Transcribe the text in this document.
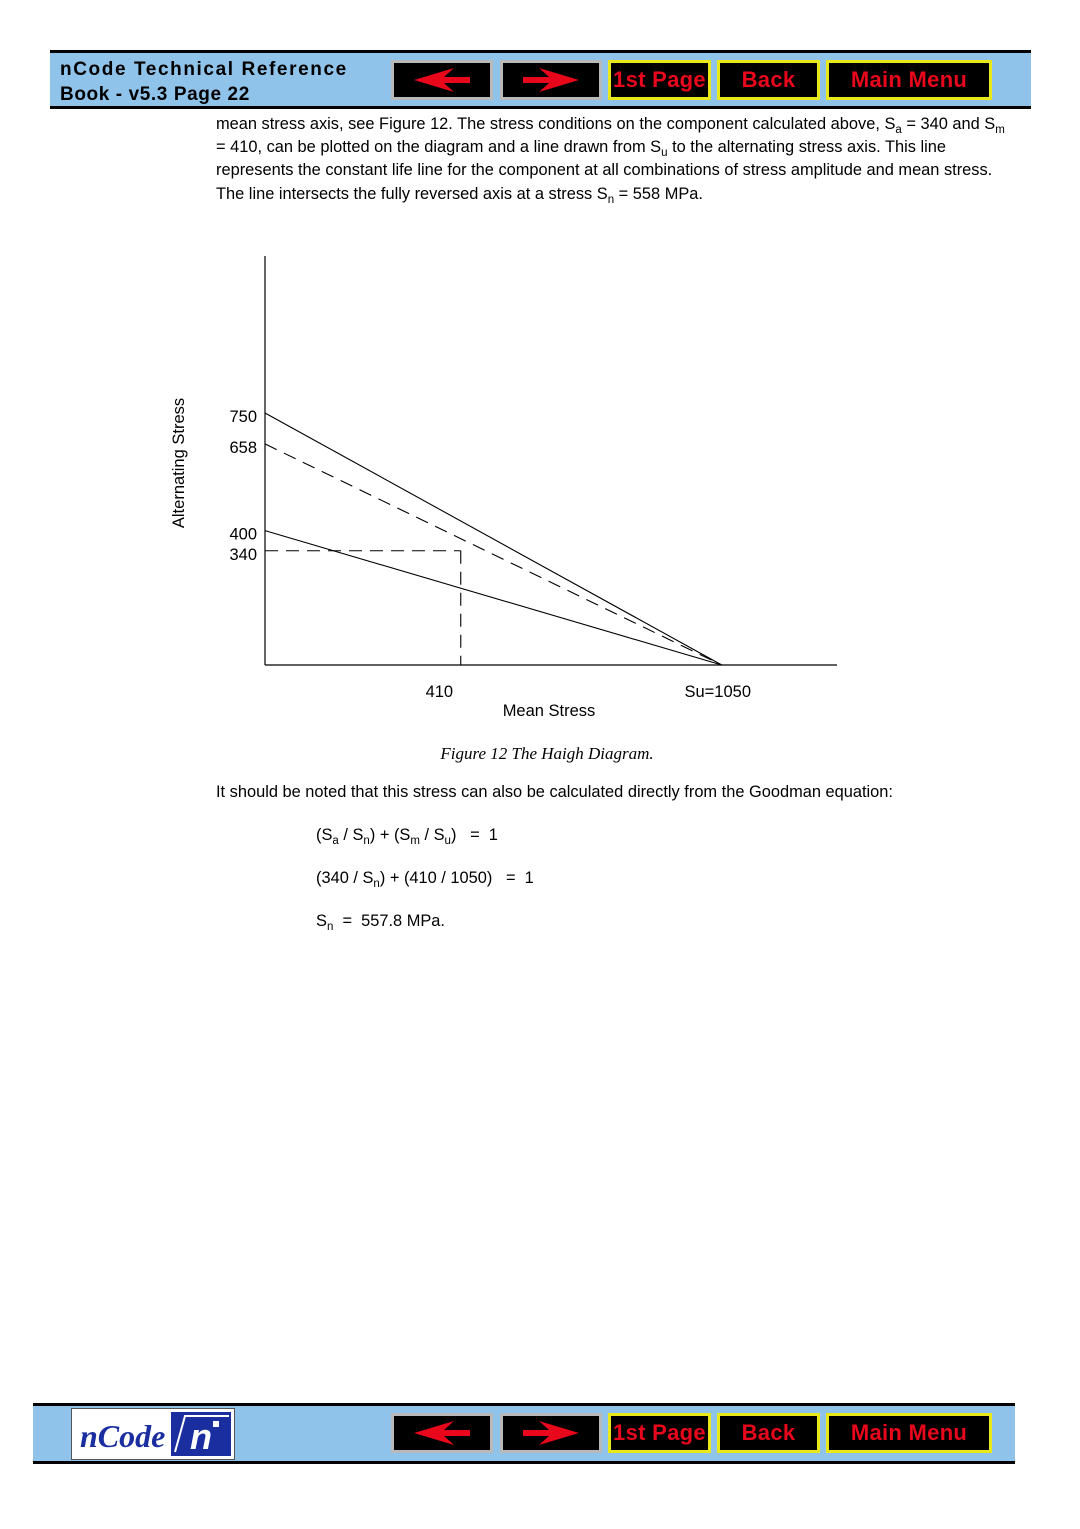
nCode Technical Reference
Book - v5.3 Page 22
1st Page Back	Main Menu
mean stress axis, see Figure 12. The stress conditions on the component calculated above, $S_a = 340$ and $S_m = 410$, can be plotted on the diagram and a line drawn from $S_u$ to the alternating stress axis. This line represents the constant life line for the component at all combinations of stress amplitude and mean stress. The line intersects the fully reversed axis at a stress $S_n = 558$ MPa.
750
658
400
340
410	Su=1050
Mean Stress
Alternating Stress
Figure 12 The Haigh Diagram.
It should be noted that this stress can also be calculated directly from the Goodman equation:
$(S_a / S_n) + (S_m / S_u) = 1$
$(340 / S_n) + (410 / 1050) = 1$
$S_n = 557.8$ MPa.
nCode n	1st Page Back	Main Menu
